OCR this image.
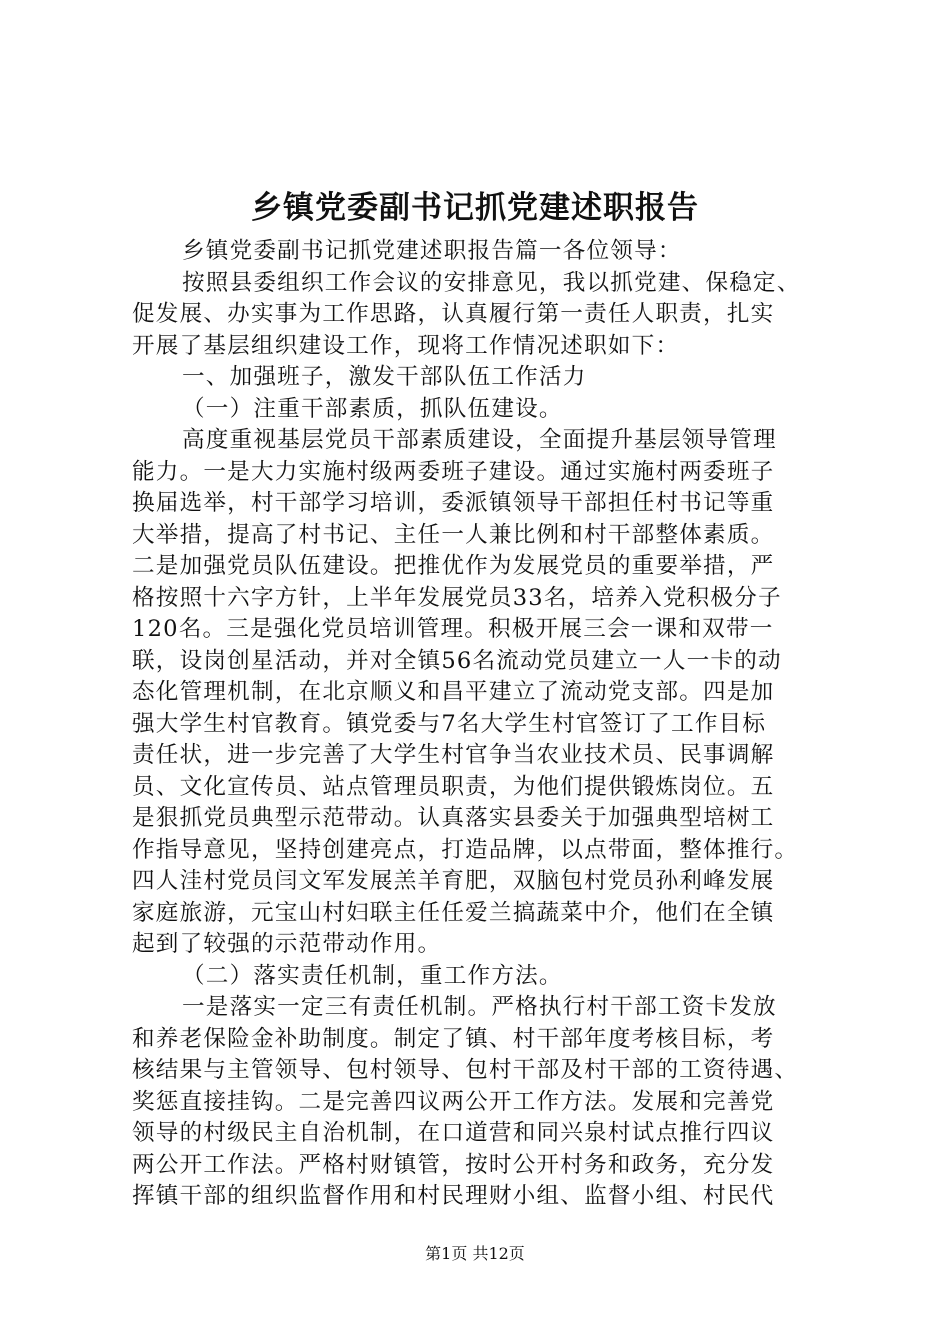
乡镇党委副书记抓党建述职报告
乡镇党委副书记抓党建述职报告篇一各位领导：
按照县委组织工作会议的安排意见，我以抓党建、保稳定、
促发展、办实事为工作思路，认真履行第一责任人职责，扎实
开展了基层组织建设工作，现将工作情况述职如下：
一、加强班子，激发干部队伍工作活力
（一）注重干部素质，抓队伍建设。
高度重视基层党员干部素质建设，全面提升基层领导管理
能力。一是大力实施村级两委班子建设。通过实施村两委班子
换届选举，村干部学习培训，委派镇领导干部担任村书记等重
大举措，提高了村书记、主任一人兼比例和村干部整体素质。
二是加强党员队伍建设。把推优作为发展党员的重要举措，严
格按照十六字方针，上半年发展党员33名，培养入党积极分子
120名。三是强化党员培训管理。积极开展三会一课和双带一
联，设岗创星活动，并对全镇56名流动党员建立一人一卡的动
态化管理机制，在北京顺义和昌平建立了流动党支部。四是加
强大学生村官教育。镇党委与7名大学生村官签订了工作目标
责任状，进一步完善了大学生村官争当农业技术员、民事调解
员、文化宣传员、站点管理员职责，为他们提供锻炼岗位。五
是狠抓党员典型示范带动。认真落实县委关于加强典型培树工
作指导意见，坚持创建亮点，打造品牌，以点带面，整体推行。
四人洼村党员闫文军发展羔羊育肥，双脑包村党员孙利峰发展
家庭旅游，元宝山村妇联主任任爱兰搞蔬菜中介，他们在全镇
起到了较强的示范带动作用。
（二）落实责任机制，重工作方法。
一是落实一定三有责任机制。严格执行村干部工资卡发放
和养老保险金补助制度。制定了镇、村干部年度考核目标，考
核结果与主管领导、包村领导、包村干部及村干部的工资待遇、
奖惩直接挂钩。二是完善四议两公开工作方法。发展和完善党
领导的村级民主自治机制，在口道营和同兴泉村试点推行四议
两公开工作法。严格村财镇管，按时公开村务和政务，充分发
挥镇干部的组织监督作用和村民理财小组、监督小组、村民代
第1页 共12页
